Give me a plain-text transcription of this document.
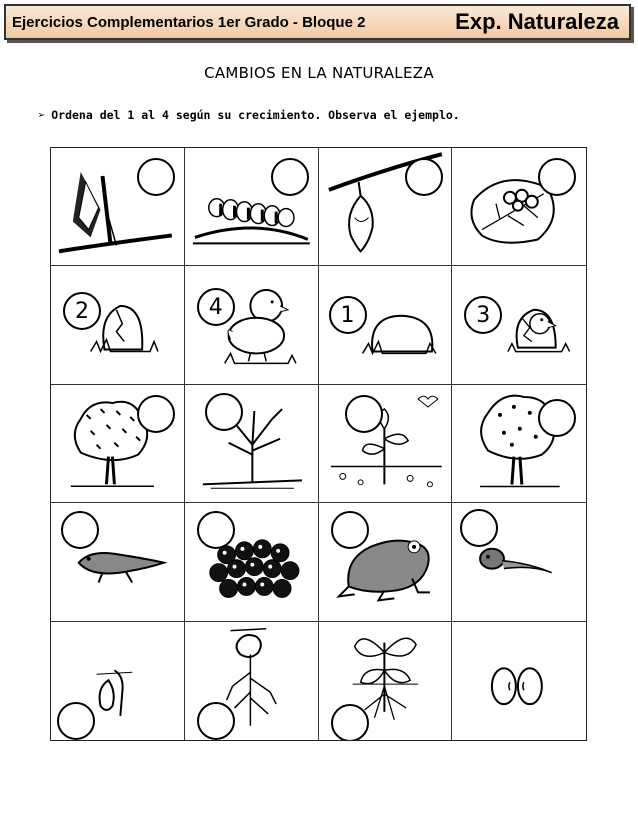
Ejercicios Complementarios 1er Grado - Bloque 2	Exp. Naturaleza
CAMBIOS EN LA NATURALEZA
➢ Ordena del 1 al 4 según su crecimiento. Observa el ejemplo.
2	4	1	3
